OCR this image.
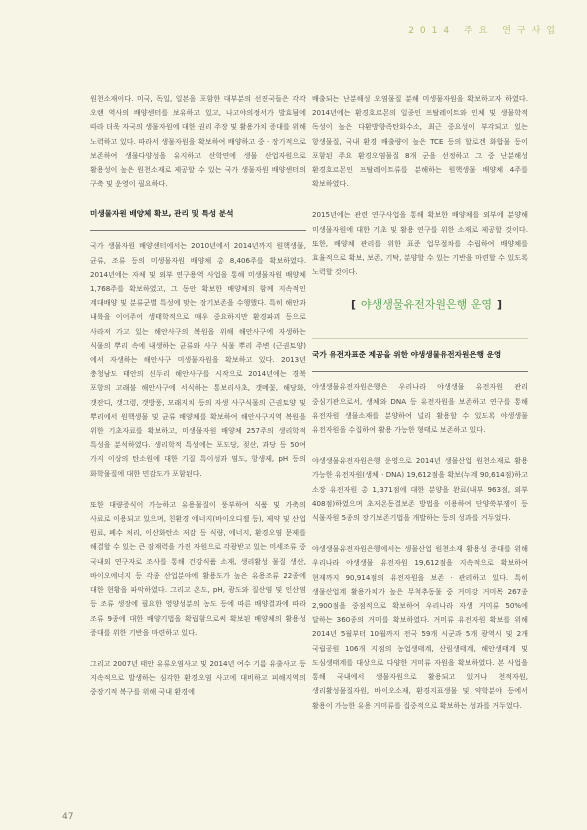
2014 주요 연구사업

원천소재이다. 미국, 독일, 일본을 포함한 대부분의 선진국들은 각각 오랜 역사의 배양센터를 보유하고 있고, 나고야의정서가 발효됨에 따라 더욱 자국의 생물자원에 대한 권리 주장 및 활용가치 증대를 위해 노력하고 있다. 따라서 생물자원을 확보하여 배양하고 중 · 장기적으로 보존하여 생물다양성을 유지하고 산학연에 생물 산업자원으로 활용성이 높은 원천소재로 제공할 수 있는 국가 생물자원 배양센터의 구축 및 운영이 필요하다.

미생물자원 배양체 확보, 관리 및 특성 분석

국가 생물자원 배양센터에서는 2010년에서 2014년까지 원핵생물, 균류, 조류 등의 미생물자원 배양체 총 8,406주를 확보하였다. 2014년에는 자체 및 외부 연구용역 사업을 통해 미생물자원 배양체 1,768주를 확보하였고, 그 동안 확보한 배양체의 함께 지속적인 계대배양 및 분류군별 특성에 맞는 장기보존을 수행했다. 특히 해안과 내륙을 이어주어 생태학적으로 매우 중요하지만 환경파괴 등으로 사라져 가고 있는 해안사구의 복원을 위해 해안사구에 자생하는 식물의 뿌리 속에 내생하는 균류와 사구 식물 뿌리 주변 (근권토양)에서 자생하는 해안사구 미생물자원을 확보하고 있다. 2013년 충청남도 태안의 신두리 해안사구를 시작으로 2014년에는 경북 포항의 고래불 해안사구에 서식하는 통보리사초, 갯메꽃, 해당화, 갯잔디, 갯그령, 갯방풍, 모래지치 등의 자생 사구식물의 근권토양 및 뿌리에서 원핵생물 및 균류 배양체를 확보하여 해안사구지역 복원을 위한 기초자료를 확보하고, 미생물자원 배양체 257주의 생리학적 특성을 분석하였다. 생리학적 특성에는 포도당, 젖산, 과당 등 50여 가지 이상의 탄소원에 대한 기질 특이성과 염도, 항생제, pH 등의 화학물질에 대한 민감도가 포함된다.

또한 대량증식이 가능하고 유용물질이 풍부하여 식품 및 가축의 사료로 이용되고 있으며, 친환경 에너지(바이오디젤 등), 제약 및 산업 원료, 폐수 처리, 이산화탄소 저감 등 식량, 에너지, 환경오염 문제를 해결할 수 있는 큰 잠재력을 가진 자원으로 각광받고 있는 미세조류 중 국내외 연구자로 조사를 통해 건강식품 소재, 생리활성 물질 생산, 바이오에너지 등 각종 산업분야에 활용도가 높은 유용조류 22종에 대한 현황을 파악하였다. 그리고 온도, pH, 광도와 질산염 및 인산염 등 조류 생장에 필요한 영양성분의 농도 등에 따른 배양결과에 따라 조류 9종에 대한 배양기법을 확립함으로써 확보된 배양체의 활용성 증대를 위한 기반을 마련하고 있다.

그리고 2007년 태안 유류오염사고 및 2014년 여수 기름 유출사고 등 지속적으로 발생하는 심각한 환경오염 사고에 대비하고 피해지역의 중장기적 복구를 위해 국내 환경에

배출되는 난분해성 오염물질 분해 미생물자원을 확보하고자 하였다. 2014년에는 환경호르몬의 일종인 프탈레이트와 인체 및 생물학적 독성이 높은 다환방향족탄화수소, 최근 중요성이 부각되고 있는 항생물질, 국내 환경 배출량이 높은 TCE 등의 할로겐 화합물 등이 포함된 주요 환경오염물질 8개 군을 선정하고 그 중 난분해성 환경호르몬인 프탈레이트류를 분해하는 원핵생물 배양체 4주를 확보하였다.

2015년에는 관련 연구사업을 통해 확보한 배양체를 외부에 분양해 미생물자원에 대한 기초 및 활용 연구를 위한 소재로 제공할 것이다. 또한, 배양체 관리를 위한 표준 업무절차를 수립하여 배양체를 효율적으로 확보, 보존, 기탁, 분양할 수 있는 기반을 마련할 수 있도록 노력할 것이다.

[ 야생생물유전자원은행 운영 ]
국가 유전자표준 제공을 위한 야생생물유전자원은행 운영

야생생물유전자원은행은 우리나라 야생생물 유전자원 관리 중심기관으로서, 생체와 DNA 등 유전자원을 보존하고 연구를 통해 유전자원 생물소재를 분양하여 널리 활용할 수 있도록 야생생물 유전자원을 수집하여 활용 가능한 형태로 보존하고 있다.

야생생물유전자원은행 운영으로 2014년 생물산업 원천소재로 활용 가능한 유전자원(생체 · DNA) 19,612점을 확보(누계 90,614점)하고 소장 유전자원 총 1,371점에 대한 분양을 완료(내부 963점, 외부 408점)하였으며 초저온동결보존 방법을 이용하여 단양쑥부쟁이 등 식물자원 5종의 장기보존기법을 개발하는 등의 성과를 거두었다.

야생생물유전자원은행에서는 생물산업 원천소재 활용성 증대를 위해 우리나라 야생생물 유전자원 19,612점을 지속적으로 확보하여 현재까지 90,914점의 유전자원을 보존 · 관리하고 있다. 특히 생물산업계 활용가치가 높은 무척추동물 중 거미강 거미목 267종 2,900점을 중점적으로 확보하여 우리나라 자생 거미류 50%에 달하는 360종의 거미를 확보하였다. 거미류 유전자원 확보를 위해 2014년 5월부터 10월까지 전국 59개 시군과 5개 광역시 및 2개 국립공원 106개 지점의 농업생태계, 산림생태계, 해안생태계 및 도심생태계를 대상으로 다양한 거미류 자원을 확보하였다. 본 사업을 통해 국내에서 생물자원으로 활용되고 있거나 천적자원, 생리활성물질자원, 바이오소재, 환경지표생물 및 약학분야 등에서 활용이 가능한 유용 거미류를 집중적으로 확보하는 성과를 거두었다.

47
